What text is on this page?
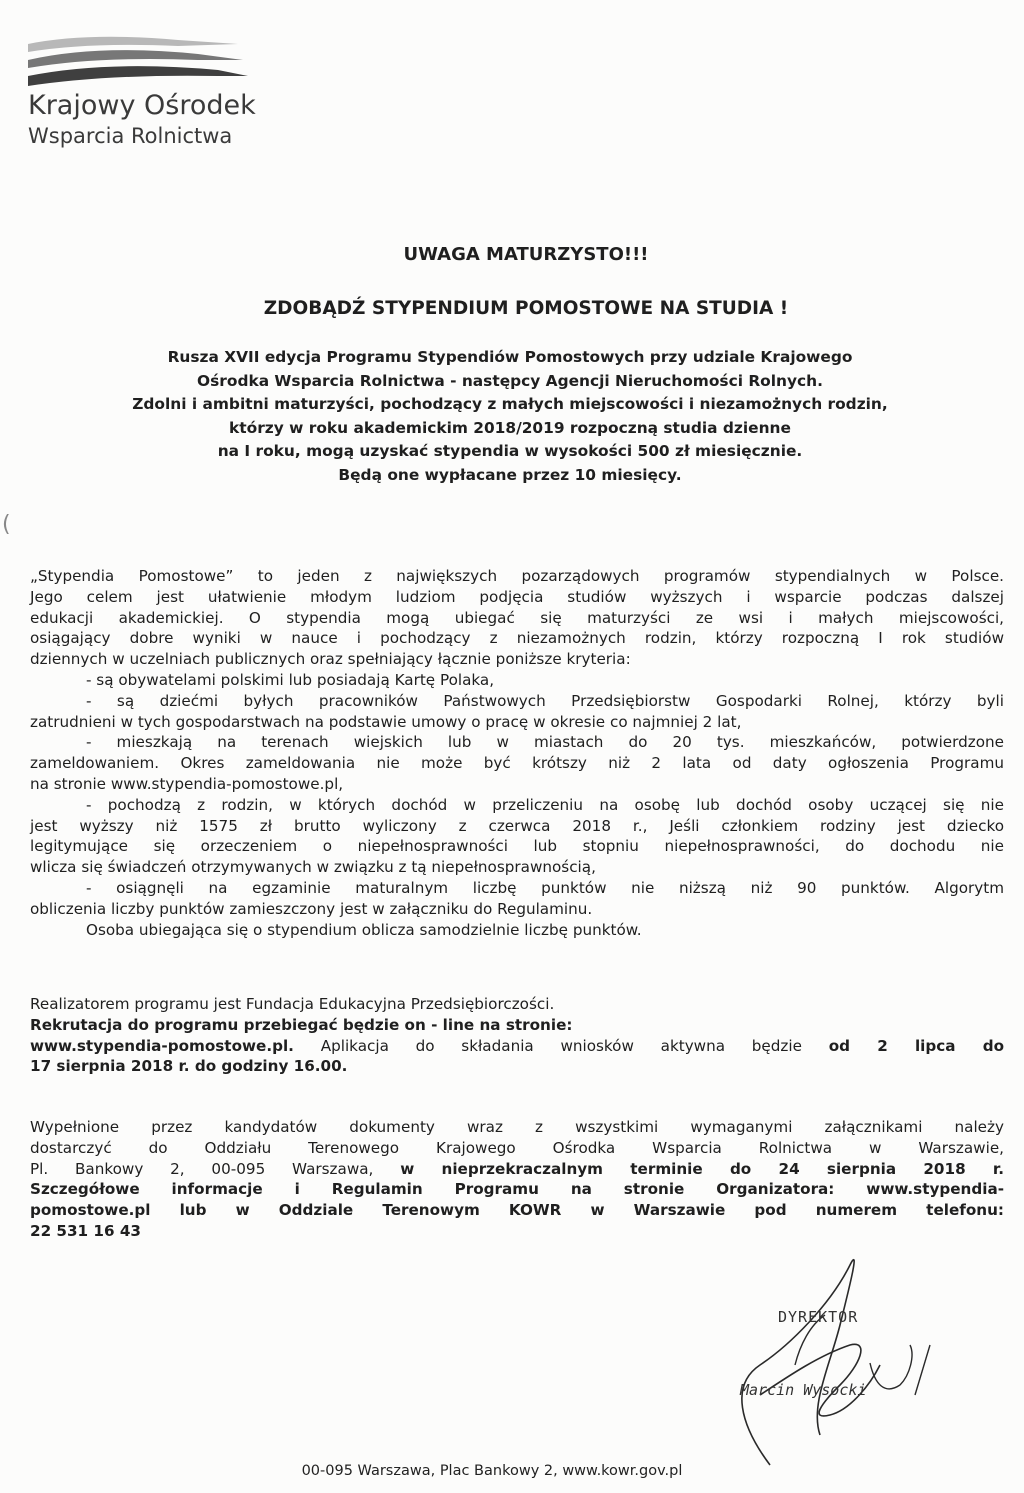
(
Krajowy Ośrodek
Wsparcia Rolnictwa
UWAGA MATURZYSTO!!!
ZDOBĄDŹ STYPENDIUM POMOSTOWE NA STUDIA !
Rusza XVII edycja Programu Stypendiów Pomostowych przy udziale Krajowego
Ośrodka Wsparcia Rolnictwa - następcy Agencji Nieruchomości Rolnych.
Zdolni i ambitni maturzyści, pochodzący z małych miejscowości i niezamożnych rodzin,
którzy w roku akademickim 2018/2019 rozpoczną studia dzienne
na I roku, mogą uzyskać stypendia w wysokości 500 zł miesięcznie.
Będą one wypłacane przez 10 miesięcy.
„Stypendia Pomostowe” to jeden z największych pozarządowych programów stypendialnych w Polsce.
Jego celem jest ułatwienie młodym ludziom podjęcia studiów wyższych i wsparcie podczas dalszej
edukacji akademickiej. O stypendia mogą ubiegać się maturzyści ze wsi i małych miejscowości,
osiągający dobre wyniki w nauce i pochodzący z niezamożnych rodzin, którzy rozpoczną I rok studiów
dziennych w uczelniach publicznych oraz spełniający łącznie poniższe kryteria:
- są obywatelami polskimi lub posiadają Kartę Polaka,
- są dziećmi byłych pracowników Państwowych Przedsiębiorstw Gospodarki Rolnej, którzy byli
zatrudnieni w tych gospodarstwach na podstawie umowy o pracę w okresie co najmniej 2 lat,
- mieszkają na terenach wiejskich lub w miastach do 20 tys. mieszkańców, potwierdzone
zameldowaniem. Okres zameldowania nie może być krótszy niż 2 lata od daty ogłoszenia Programu
na stronie www.stypendia-pomostowe.pl,
- pochodzą z rodzin, w których dochód w przeliczeniu na osobę lub dochód osoby uczącej się nie
jest wyższy niż 1575 zł brutto wyliczony z czerwca 2018 r., Jeśli członkiem rodziny jest dziecko
legitymujące się orzeczeniem o niepełnosprawności lub stopniu niepełnosprawności, do dochodu nie
wlicza się świadczeń otrzymywanych w związku z tą niepełnosprawnością,
- osiągnęli na egzaminie maturalnym liczbę punktów nie niższą niż 90 punktów. Algorytm
obliczenia liczby punktów zamieszczony jest w załączniku do Regulaminu.
Osoba ubiegająca się o stypendium oblicza samodzielnie liczbę punktów.
Realizatorem programu jest Fundacja Edukacyjna Przedsiębiorczości.
Rekrutacja do programu przebiegać będzie on - line na stronie:
www.stypendia-pomostowe.pl. Aplikacja do składania wniosków aktywna będzie od 2 lipca do
17 sierpnia 2018 r. do godziny 16.00.
Wypełnione przez kandydatów dokumenty wraz z wszystkimi wymaganymi załącznikami należy
dostarczyć do Oddziału Terenowego Krajowego Ośrodka Wsparcia Rolnictwa w Warszawie,
Pl. Bankowy 2, 00-095 Warszawa, w nieprzekraczalnym terminie do 24 sierpnia 2018 r.
Szczegółowe informacje i Regulamin Programu na stronie Organizatora: www.stypendia-
pomostowe.pl lub w Oddziale Terenowym KOWR w Warszawie pod numerem telefonu:
22 531 16 43
DYREKTOR
Marcin Wysocki
00-095 Warszawa, Plac Bankowy 2, www.kowr.gov.pl
